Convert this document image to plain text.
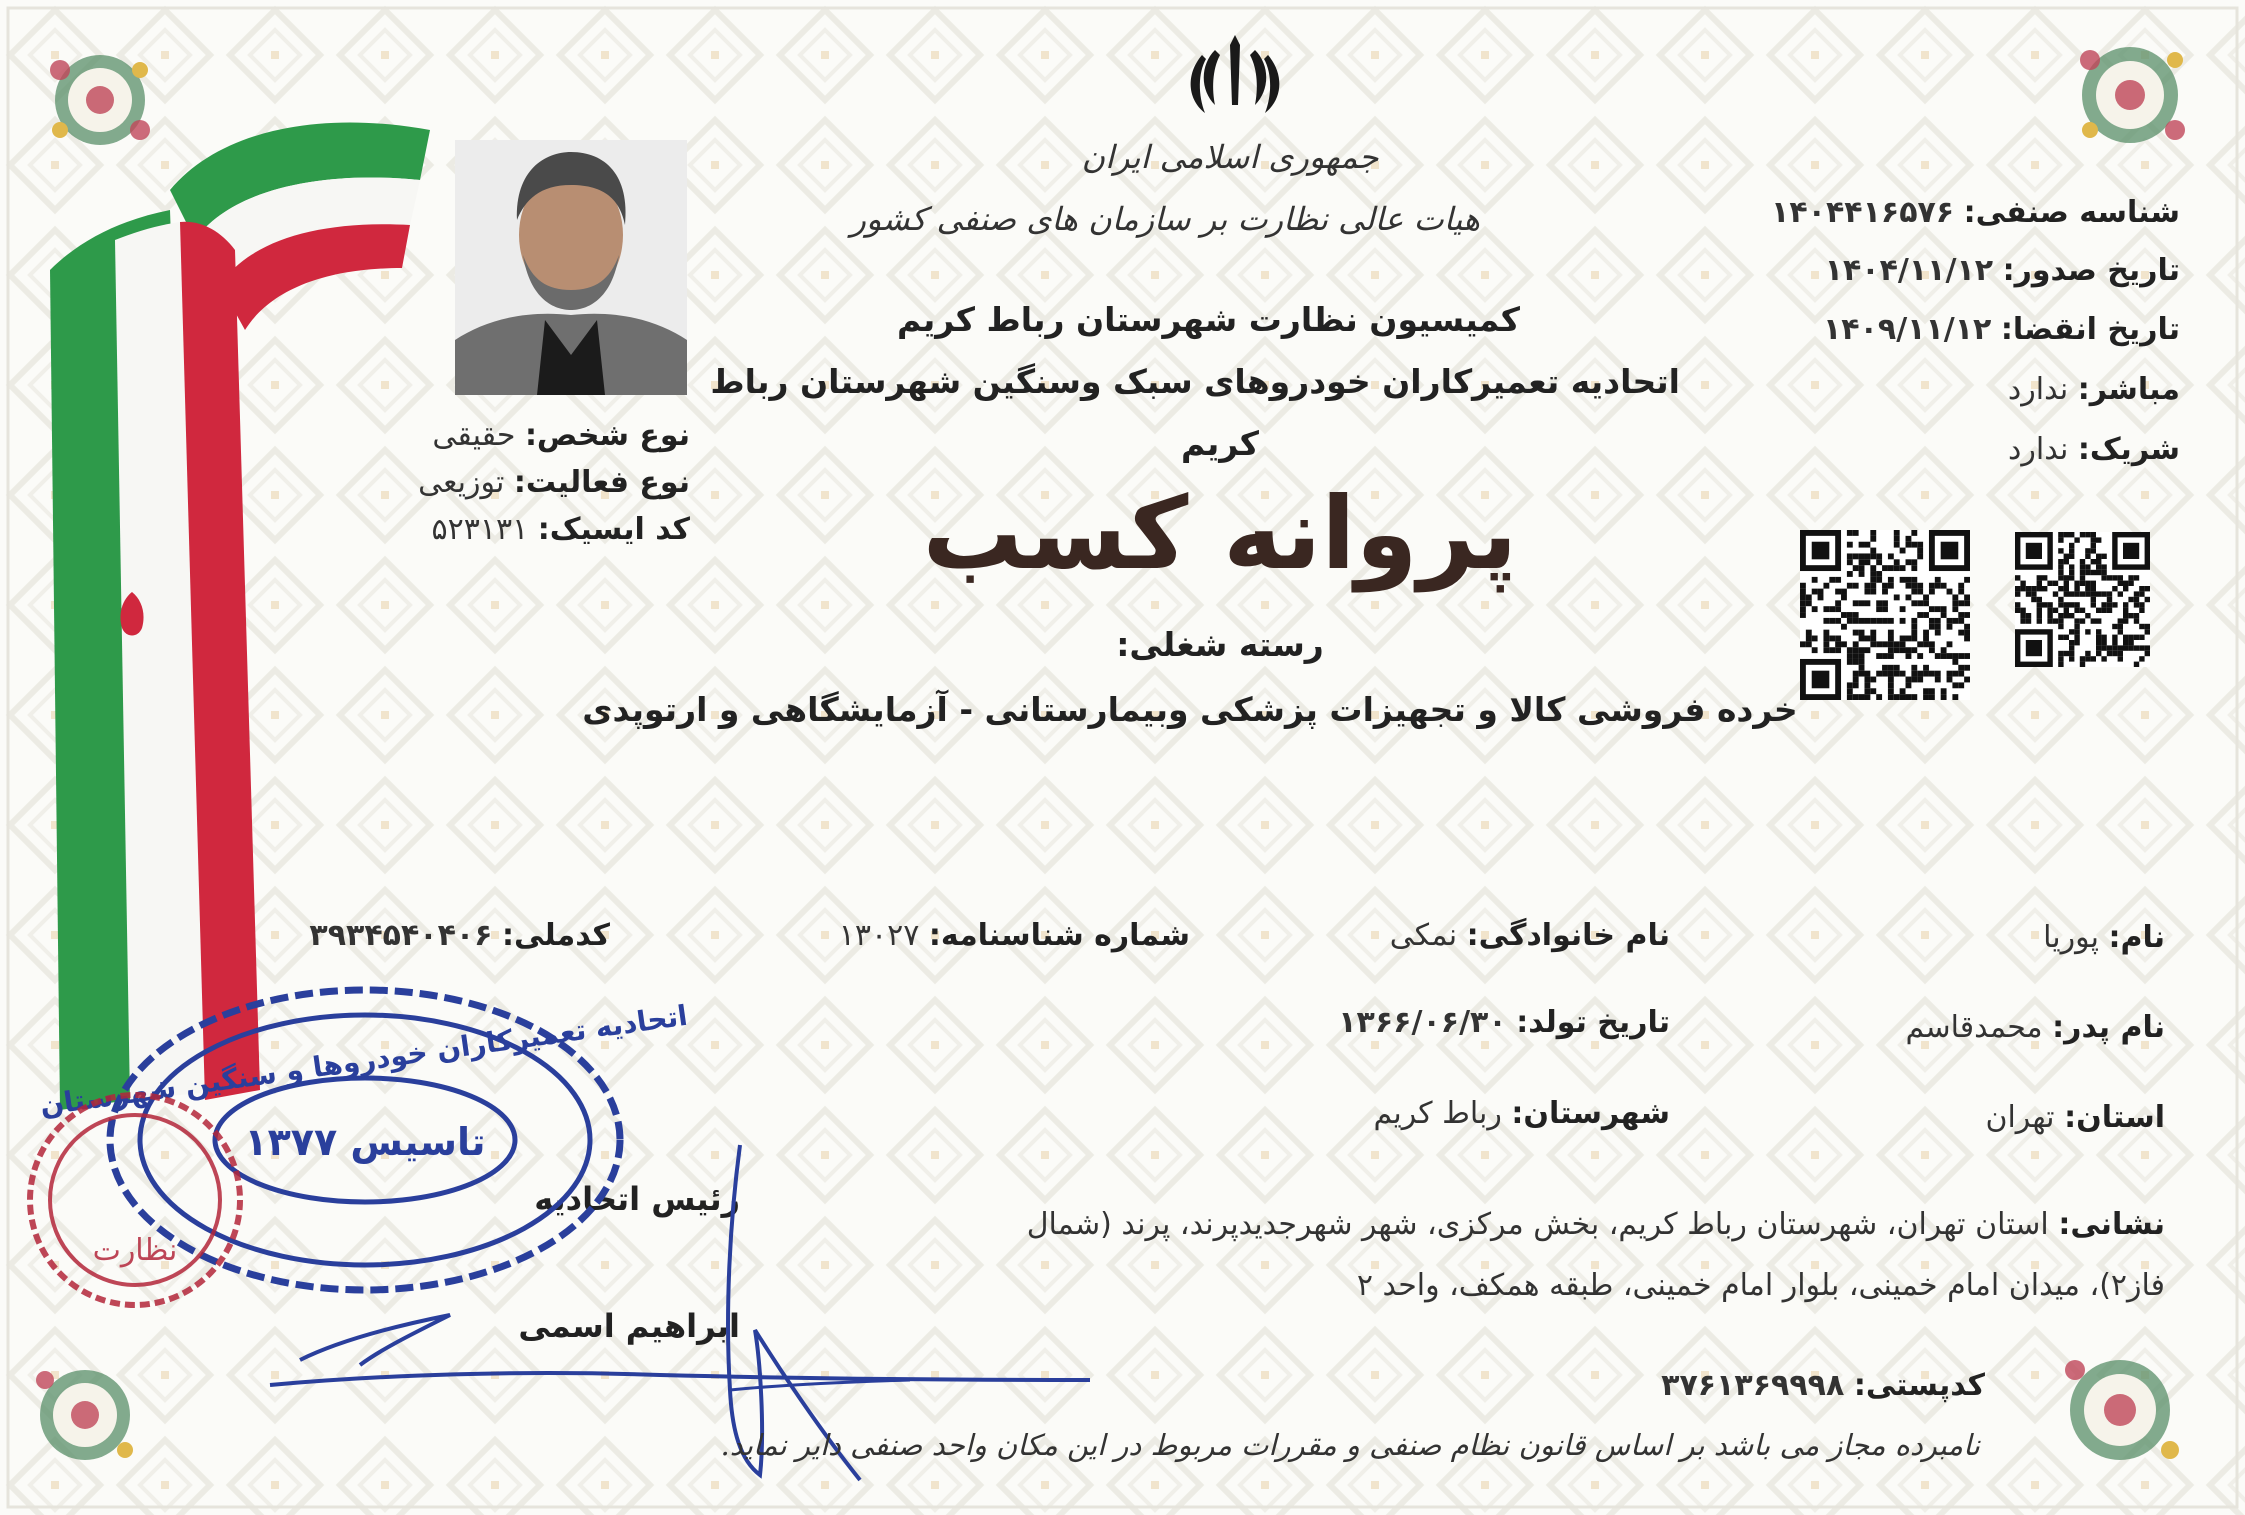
جمهوری اسلامی ایران
هیات عالی نظارت بر سازمان های صنفی کشور
کمیسیون نظارت شهرستان رباط کریم
اتحادیه تعمیرکاران خودروهای سبک وسنگین شهرستان رباط
کریم
پروانه کسب
رسته شغلی:
خرده فروشی کالا و تجهیزات پزشکی وبیمارستانی - آزمایشگاهی و ارتوپدی
نوع شخص: حقیقی
نوع فعالیت: توزیعی
کد ایسیک: ۵۲۳۱۳۱
شناسه صنفی: ۱۴۰۴۴۱۶۵۷۶
تاریخ صدور: ۱۴۰۴/۱۱/۱۲
تاریخ انقضا: ۱۴۰۹/۱۱/۱۲
مباشر: ندارد
شریک: ندارد
نام: پوریا
نام خانوادگی: نمکی
شماره شناسنامه: ۱۳۰۲۷
کدملی: ۳۹۳۴۵۴۰۴۰۶
نام پدر: محمدقاسم
تاریخ تولد: ۱۳۶۶/۰۶/۳۰
استان: تهران
شهرستان: رباط کریم
نشانی: استان تهران، شهرستان رباط کریم، بخش مرکزی، شهر شهرجدیدپرند، پرند (شمال
فاز۲)، میدان امام خمینی، بلوار امام خمینی، طبقه همکف، واحد ۲
کدپستی: ۳۷۶۱۳۶۹۹۹۸
رئیس اتحادیه
ابراهیم اسمی
اتحادیه تعمیرکاران خودروها و سنگین شهرستان
تاسیس ۱۳۷۷
نظارت
نامبرده مجاز می باشد بر اساس قانون نظام صنفی و مقررات مربوط در این مکان واحد صنفی دایر نماید.
